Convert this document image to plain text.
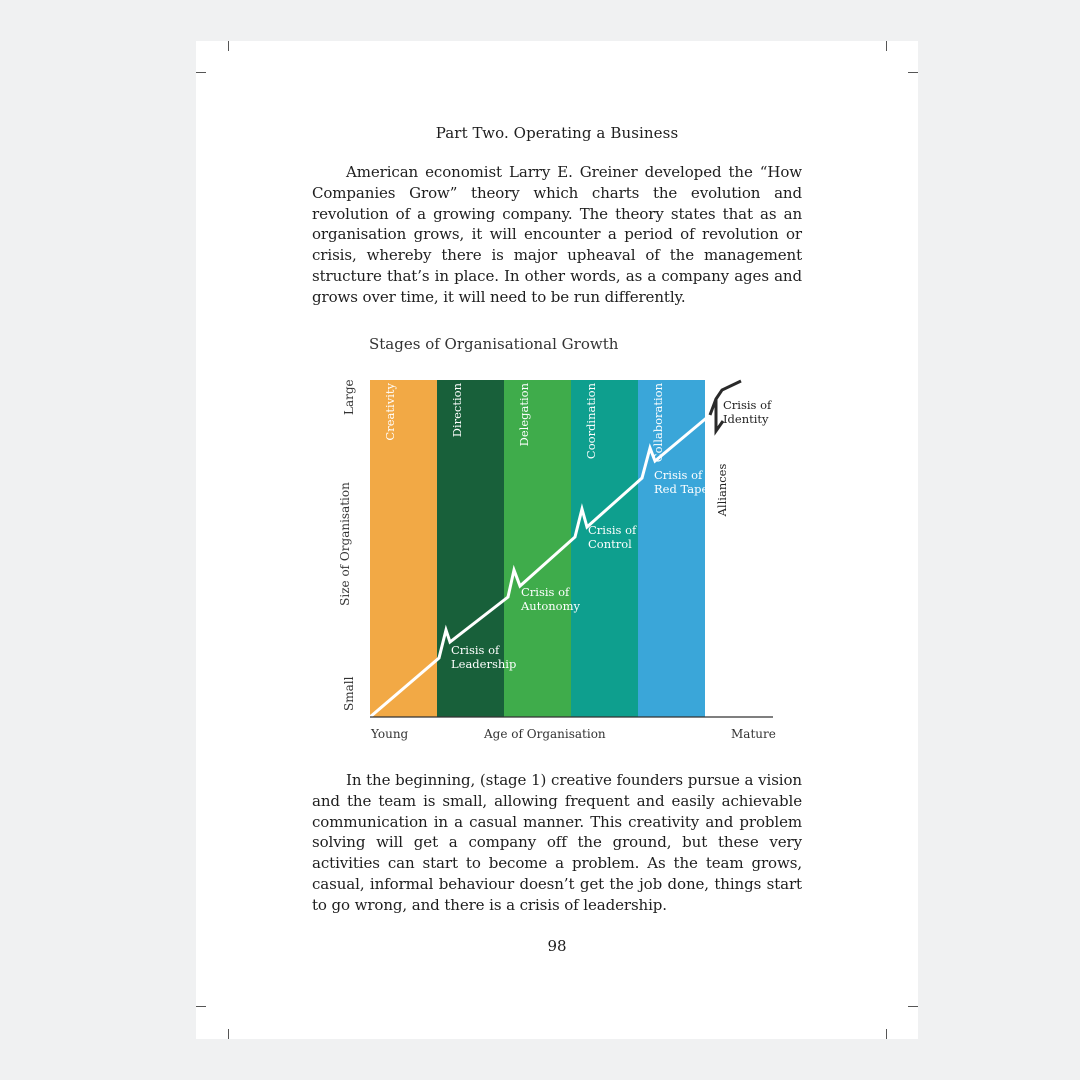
Part Two. Operating a Business

American economist Larry E. Greiner developed the “How Companies Grow” theory which charts the evolution and revolution of a growing company. The theory states that as an organisation grows, it will encounter a period of revolution or crisis, whereby there is major upheaval of the management structure that’s in place. In other words, as a company ages and grows over time, it will need to be run differently.

Stages of Organisational Growth
Creativity	Direction	Delegation	Coordination	Collaboration
Alliances
Crisis of Leadership
Crisis of Autonomy
Crisis of Control
Crisis of Red Tape
Crisis of Identity
Large
Size of Organisation
Small
Young	Age of Organisation	Mature

In the beginning, (stage 1) creative founders pursue a vision and the team is small, allowing frequent and easily achievable communication in a casual manner. This creativity and problem solving will get a company off the ground, but these very activities can start to become a problem. As the team grows, casual, informal behaviour doesn’t get the job done, things start to go wrong, and there is a crisis of leadership.

98
